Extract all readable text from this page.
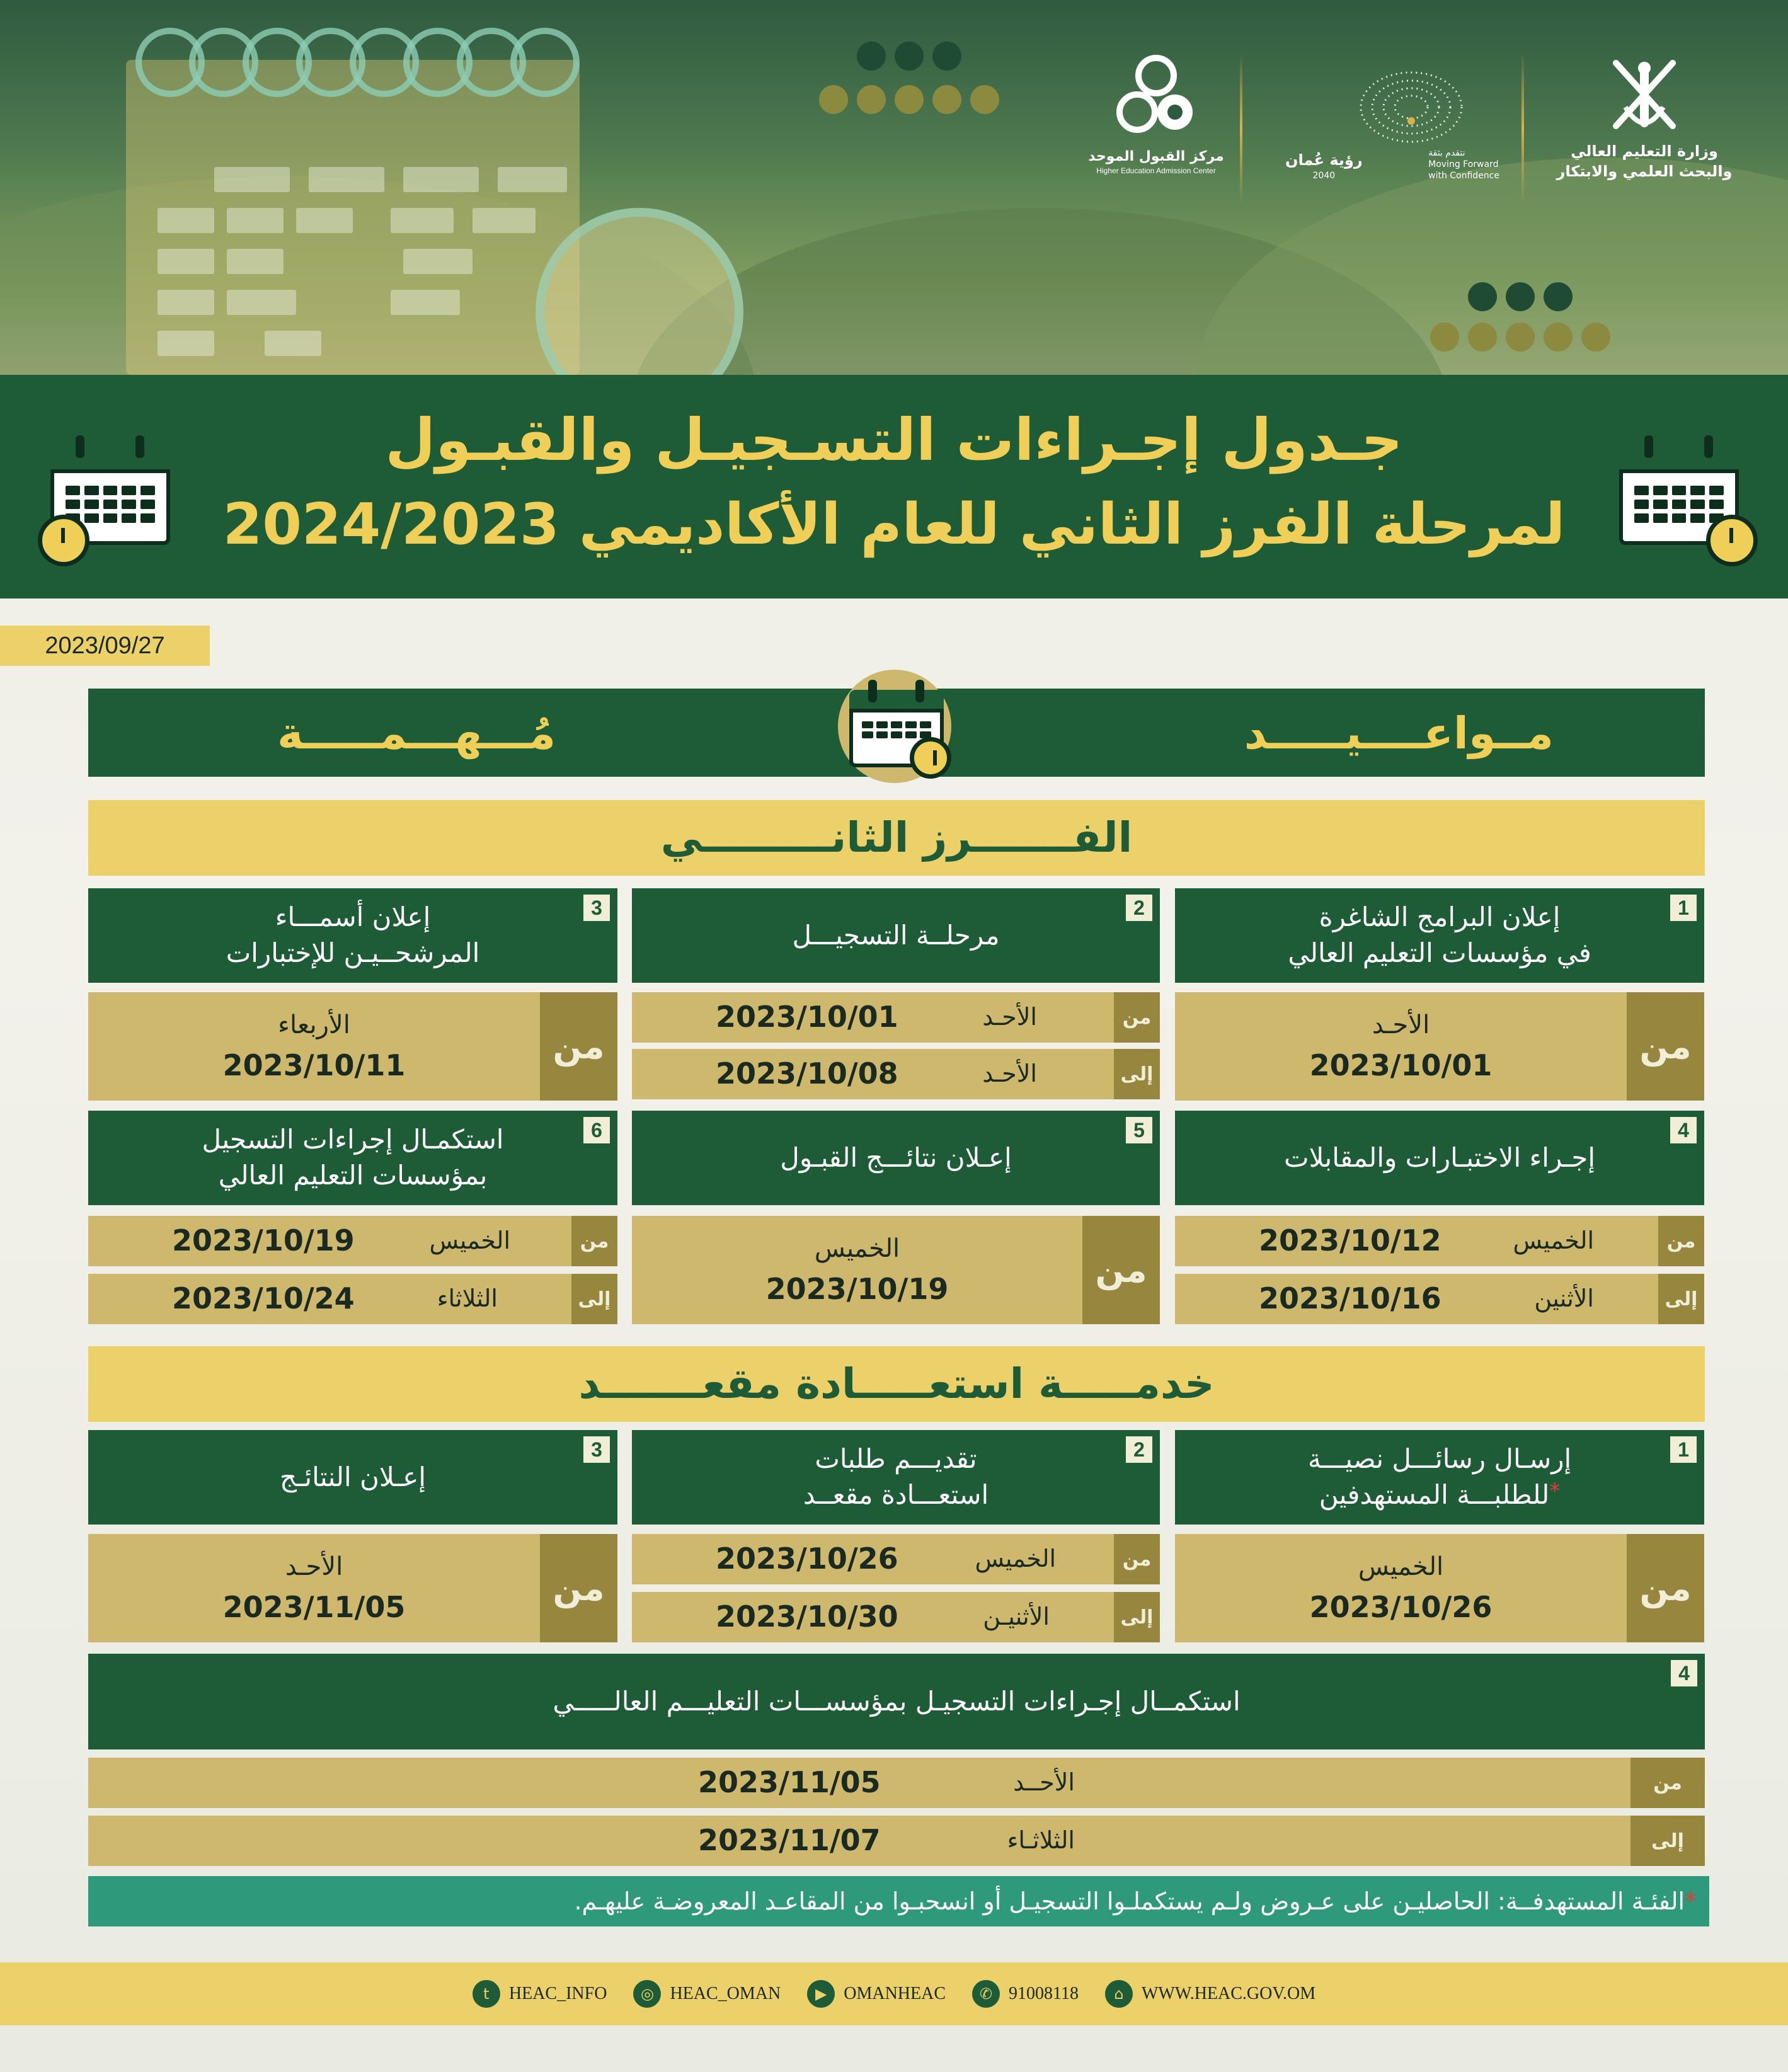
وزارة التعليم العالي
والبحث العلمي والابتكار
نتقدم بثقة
Moving Forward
with Confidence
رؤية عُمان
2040
مركز القبول الموحد
Higher Education Admission Center
جـدول إجـراءات التسـجيـل والقبـول
لمرحلة الفرز الثاني للعام الأكاديمي 2024/2023
2023/09/27
مــواعــــيـــــد
مُـــهـــمـــــة
الفـــــــرز الثانـــــــــي
1
إعلان البرامج الشاغرة
في مؤسسات التعليم العالي
2
مرحلــة التسجيـــل
3
إعلان أسمـــاء
المرشحــيـن للإختبارات
من
الأحـد
2023/10/01
من
الأحـد
2023/10/01
إلى
الأحـد
2023/10/08
من
الأربعاء
2023/10/11
4
إجـراء الاختبـارات والمقابلات
5
إعـلان نتائـــج القبـول
6
استكمـال إجراءات التسجيل
بمؤسسات التعليم العالي
من
الخميس
2023/10/12
إلى
الأثنين
2023/10/16
من
الخميس
2023/10/19
من
الخميس
2023/10/19
إلى
الثلاثاء
2023/10/24
خدمـــــة استعـــــادة مقعـــــــد
1
إرسـال رسائـــل نصيـــة
*للطلبـــة المستهدفين
2
تقديـــم طلبات
استعـــادة مقعــد
3
إعـلان النتائـج
من
الخميس
2023/10/26
من
الخميس
2023/10/26
إلى
الأثنيـن
2023/10/30
من
الأحـد
2023/11/05
4
استكمــال إجـراءات التسجيـل بمؤسســـات التعليـــم العالـــــي
من
الأحــد
2023/11/05
إلى
الثلاثـاء
2023/11/07
*الفئـة المستهدفــة: الحاصليـن على عـروض ولـم يستكملـوا التسجيـل أو انسحبـوا من المقاعـد المعروضـة عليهـم.
t	HEAC_INFO	◎ HEAC_OMAN	▶ OMANHEAC	✆ 91008118	⌂	WWW.HEAC.GOV.OM
